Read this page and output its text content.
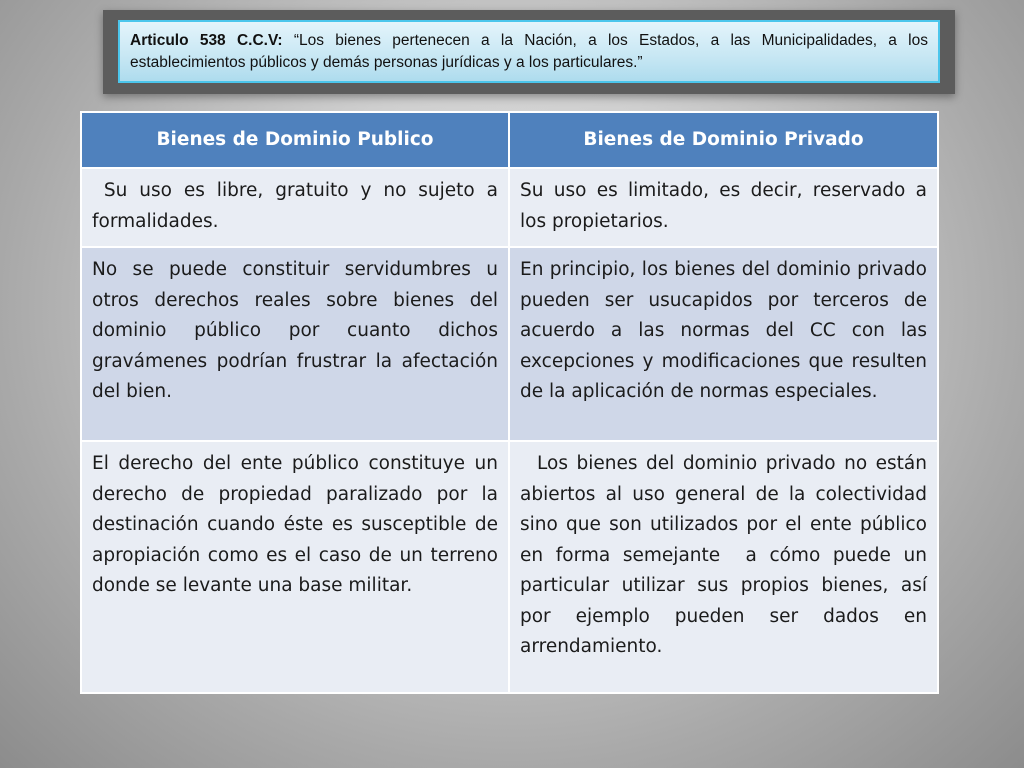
Articulo 538 C.C.V: “Los bienes pertenecen a la Nación, a los Estados, a las Municipalidades, a los establecimientos públicos y demás personas jurídicas y a los particulares.”
Bienes de Dominio Publico	Bienes de Dominio Privado
Su uso es libre, gratuito y no sujeto a formalidades.	Su uso es limitado, es decir, reservado a los propietarios.
No se puede constituir servidumbres u otros derechos reales sobre bienes del dominio público por cuanto dichos gravámenes podrían frustrar la afectación del bien.	En principio, los bienes del dominio privado pueden ser usucapidos por terceros de acuerdo a las normas del CC con las excepciones y modificaciones que resulten de la aplicación de normas especiales.
El derecho del ente público constituye un derecho de propiedad paralizado por la destinación cuando éste es susceptible de apropiación como es el caso de un terreno donde se levante una base militar.	Los bienes del dominio privado no están abiertos al uso general de la colectividad sino que son utilizados por el ente público en forma semejante  a cómo puede un particular utilizar sus propios bienes, así por ejemplo pueden ser dados en arrendamiento.
